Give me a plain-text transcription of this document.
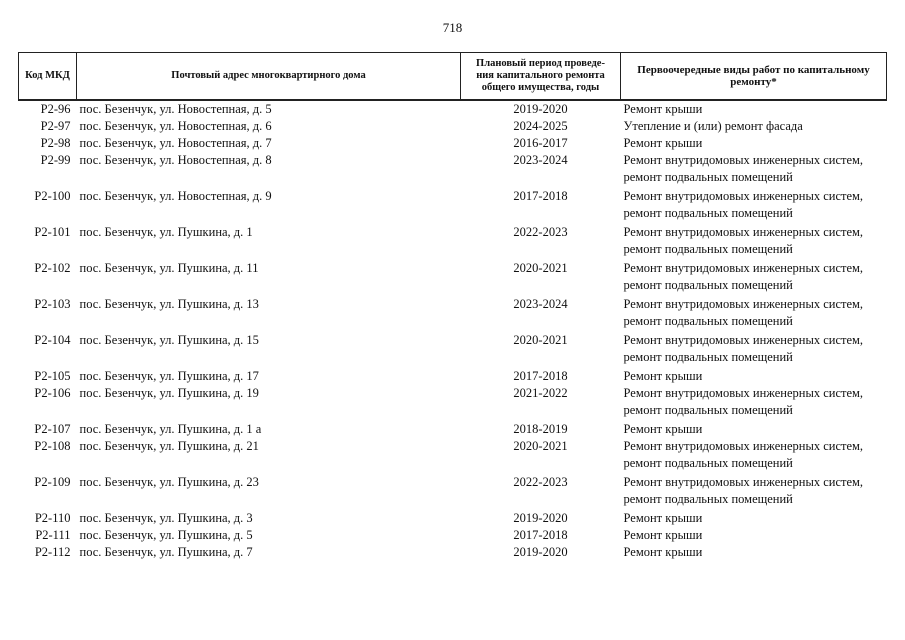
718
Код МКД	Почтовый адрес многоквартирного дома	Плановый период проведе-
ния капитального ремонта
общего имущества, годы	Первоочередные виды работ по капитальному
ремонту*

Р2-96	пос. Безенчук, ул. Новостепная, д. 5	2019-2020	Ремонт крыши

Р2-97	пос. Безенчук, ул. Новостепная, д. 6	2024-2025	Утепление и (или) ремонт фасада

Р2-98	пос. Безенчук, ул. Новостепная, д. 7	2016-2017	Ремонт крыши

Р2-99	пос. Безенчук, ул. Новостепная, д. 8	2023-2024	Ремонт внутридомовых инженерных систем,
ремонт подвальных помещений

Р2-100	пос. Безенчук, ул. Новостепная, д. 9	2017-2018	Ремонт внутридомовых инженерных систем,
ремонт подвальных помещений

Р2-101	пос. Безенчук, ул. Пушкина, д. 1	2022-2023	Ремонт внутридомовых инженерных систем,
ремонт подвальных помещений

Р2-102	пос. Безенчук, ул. Пушкина, д. 11	2020-2021	Ремонт внутридомовых инженерных систем,
ремонт подвальных помещений

Р2-103	пос. Безенчук, ул. Пушкина, д. 13	2023-2024	Ремонт внутридомовых инженерных систем,
ремонт подвальных помещений

Р2-104	пос. Безенчук, ул. Пушкина, д. 15	2020-2021	Ремонт внутридомовых инженерных систем,
ремонт подвальных помещений

Р2-105	пос. Безенчук, ул. Пушкина, д. 17	2017-2018	Ремонт крыши

Р2-106	пос. Безенчук, ул. Пушкина, д. 19	2021-2022	Ремонт внутридомовых инженерных систем,
ремонт подвальных помещений

Р2-107	пос. Безенчук, ул. Пушкина, д. 1 а	2018-2019	Ремонт крыши

Р2-108	пос. Безенчук, ул. Пушкина, д. 21	2020-2021	Ремонт внутридомовых инженерных систем,
ремонт подвальных помещений

Р2-109	пос. Безенчук, ул. Пушкина, д. 23	2022-2023	Ремонт внутридомовых инженерных систем,
ремонт подвальных помещений

Р2-110	пос. Безенчук, ул. Пушкина, д. 3	2019-2020	Ремонт крыши

Р2-111	пос. Безенчук, ул. Пушкина, д. 5	2017-2018	Ремонт крыши

Р2-112	пос. Безенчук, ул. Пушкина, д. 7	2019-2020	Ремонт крыши
